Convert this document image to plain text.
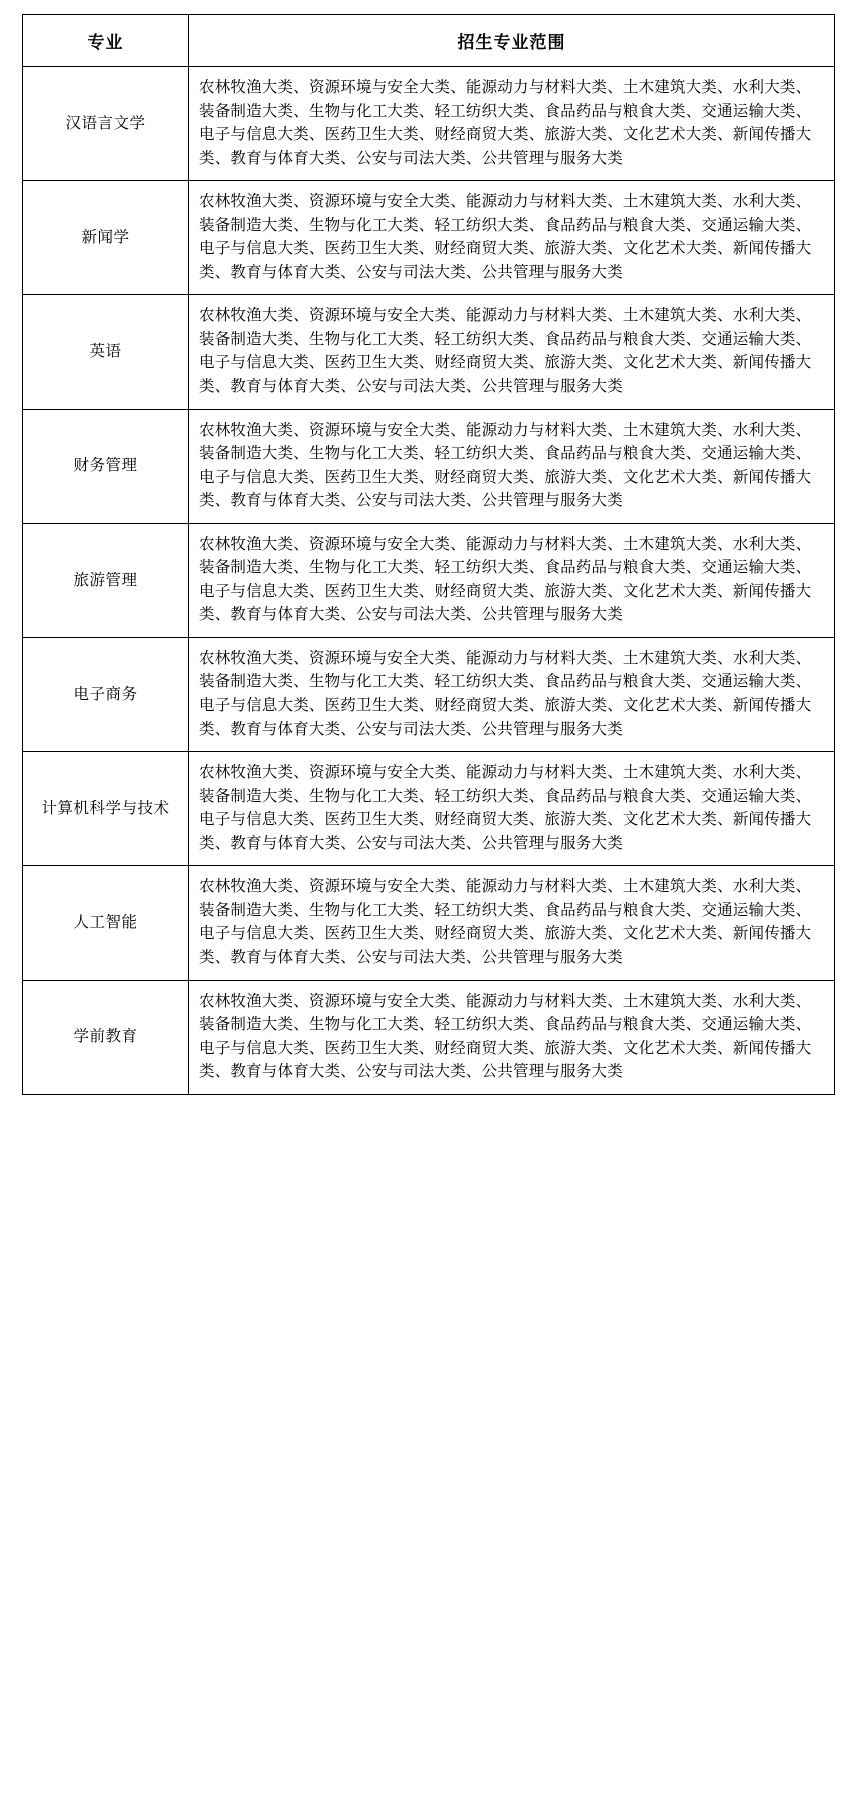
专业	招生专业范围
汉语言文学	农林牧渔大类、资源环境与安全大类、能源动力与材料大类、土木建筑大类、水利大类、装备制造大类、生物与化工大类、轻工纺织大类、食品药品与粮食大类、交通运输大类、电子与信息大类、医药卫生大类、财经商贸大类、旅游大类、文化艺术大类、新闻传播大类、教育与体育大类、公安与司法大类、公共管理与服务大类
新闻学	农林牧渔大类、资源环境与安全大类、能源动力与材料大类、土木建筑大类、水利大类、装备制造大类、生物与化工大类、轻工纺织大类、食品药品与粮食大类、交通运输大类、电子与信息大类、医药卫生大类、财经商贸大类、旅游大类、文化艺术大类、新闻传播大类、教育与体育大类、公安与司法大类、公共管理与服务大类
英语	农林牧渔大类、资源环境与安全大类、能源动力与材料大类、土木建筑大类、水利大类、装备制造大类、生物与化工大类、轻工纺织大类、食品药品与粮食大类、交通运输大类、电子与信息大类、医药卫生大类、财经商贸大类、旅游大类、文化艺术大类、新闻传播大类、教育与体育大类、公安与司法大类、公共管理与服务大类
财务管理	农林牧渔大类、资源环境与安全大类、能源动力与材料大类、土木建筑大类、水利大类、装备制造大类、生物与化工大类、轻工纺织大类、食品药品与粮食大类、交通运输大类、电子与信息大类、医药卫生大类、财经商贸大类、旅游大类、文化艺术大类、新闻传播大类、教育与体育大类、公安与司法大类、公共管理与服务大类
旅游管理	农林牧渔大类、资源环境与安全大类、能源动力与材料大类、土木建筑大类、水利大类、装备制造大类、生物与化工大类、轻工纺织大类、食品药品与粮食大类、交通运输大类、电子与信息大类、医药卫生大类、财经商贸大类、旅游大类、文化艺术大类、新闻传播大类、教育与体育大类、公安与司法大类、公共管理与服务大类
电子商务	农林牧渔大类、资源环境与安全大类、能源动力与材料大类、土木建筑大类、水利大类、装备制造大类、生物与化工大类、轻工纺织大类、食品药品与粮食大类、交通运输大类、电子与信息大类、医药卫生大类、财经商贸大类、旅游大类、文化艺术大类、新闻传播大类、教育与体育大类、公安与司法大类、公共管理与服务大类
计算机科学与技术	农林牧渔大类、资源环境与安全大类、能源动力与材料大类、土木建筑大类、水利大类、装备制造大类、生物与化工大类、轻工纺织大类、食品药品与粮食大类、交通运输大类、电子与信息大类、医药卫生大类、财经商贸大类、旅游大类、文化艺术大类、新闻传播大类、教育与体育大类、公安与司法大类、公共管理与服务大类
人工智能	农林牧渔大类、资源环境与安全大类、能源动力与材料大类、土木建筑大类、水利大类、装备制造大类、生物与化工大类、轻工纺织大类、食品药品与粮食大类、交通运输大类、电子与信息大类、医药卫生大类、财经商贸大类、旅游大类、文化艺术大类、新闻传播大类、教育与体育大类、公安与司法大类、公共管理与服务大类
学前教育	农林牧渔大类、资源环境与安全大类、能源动力与材料大类、土木建筑大类、水利大类、装备制造大类、生物与化工大类、轻工纺织大类、食品药品与粮食大类、交通运输大类、电子与信息大类、医药卫生大类、财经商贸大类、旅游大类、文化艺术大类、新闻传播大类、教育与体育大类、公安与司法大类、公共管理与服务大类
